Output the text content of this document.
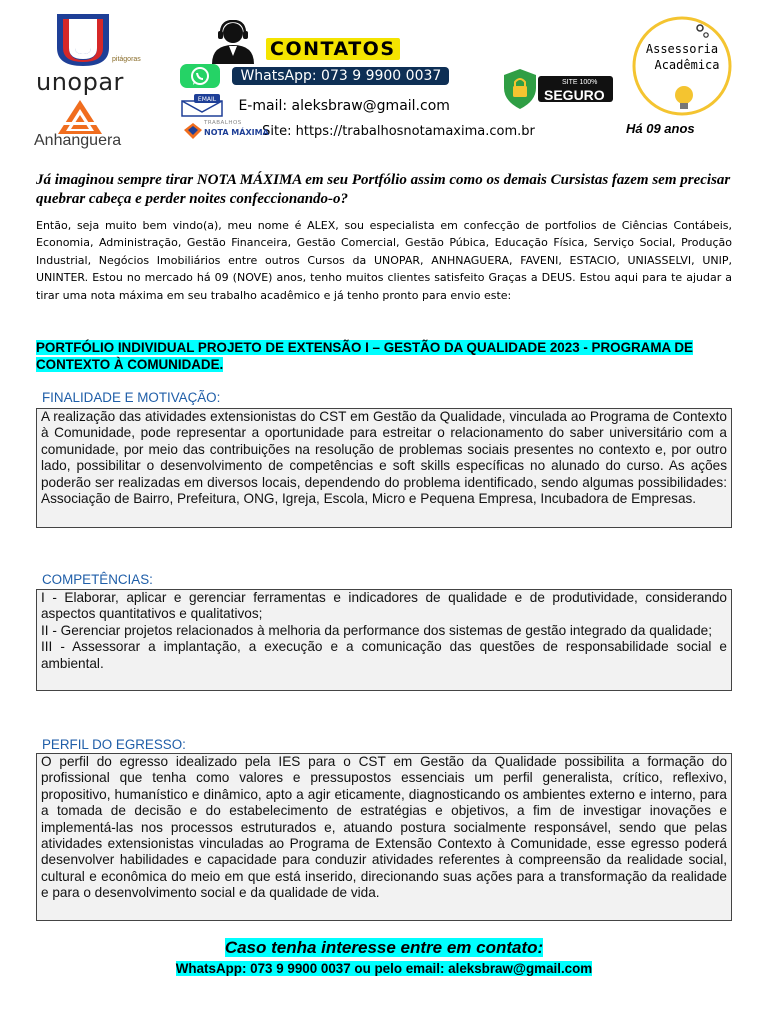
pitágoras
unopar
Anhanguera
CONTATOS
WhatsApp: 073 9 9900 0037
EMAIL E-mail: aleksbraw@gmail.com
TRABALHOS
NOTA MÁXIMA
Site: https://trabalhosnotamaxima.com.br
SITE 100%
SEGURO
Assessoria
Acadêmica
Há 09 anos
Já imaginou sempre tirar NOTA MÁXIMA em seu Portfólio assim como os demais Cursistas fazem sem precisar quebrar cabeça e perder noites confeccionando-o?
Então, seja muito bem vindo(a), meu nome é ALEX, sou especialista em confecção de portfolios de Ciências Contábeis, Economia, Administração, Gestão Financeira, Gestão Comercial, Gestão Púbica, Educação Física, Serviço Social, Produção Industrial, Negócios Imobiliários entre outros Cursos da UNOPAR, ANHNAGUERA, FAVENI, ESTACIO, UNIASSELVI, UNIP, UNINTER. Estou no mercado há 09 (NOVE) anos, tenho muitos clientes satisfeito Graças a DEUS. Estou aqui para te ajudar a tirar uma nota máxima em seu trabalho acadêmico e já tenho pronto para envio este:
PORTFÓLIO INDIVIDUAL PROJETO DE EXTENSÃO I – GESTÃO DA QUALIDADE 2023 - PROGRAMA DE CONTEXTO À COMUNIDADE.
FINALIDADE E MOTIVAÇÃO:

A realização das atividades extensionistas do CST em Gestão da Qualidade, vinculada ao Programa de Contexto à Comunidade, pode representar a oportunidade para estreitar o relacionamento do saber universitário com a comunidade, por meio das contribuições na resolução de problemas sociais presentes no contexto e, por outro lado, possibilitar o desenvolvimento de competências e soft skills específicas no alunado do curso. As ações poderão ser realizadas em diversos locais, dependendo do problema identificado, sendo algumas possibilidades: Associação de Bairro, Prefeitura, ONG, Igreja, Escola, Micro e Pequena Empresa, Incubadora de Empresas.

COMPETÊNCIAS:

I - Elaborar, aplicar e gerenciar ferramentas e indicadores de qualidade e de produtividade, considerando aspectos quantitativos e qualitativos;

II - Gerenciar projetos relacionados à melhoria da performance dos sistemas de gestão integrado da qualidade;

III - Assessorar a implantação, a execução e a comunicação das questões de responsabilidade social e ambiental.

PERFIL DO EGRESSO:

O perfil do egresso idealizado pela IES para o CST em Gestão da Qualidade possibilita a formação do profissional que tenha como valores e pressupostos essenciais um perfil generalista, crítico, reflexivo, propositivo, humanístico e dinâmico, apto a agir eticamente, diagnosticando os ambientes externo e interno, para a tomada de decisão e do estabelecimento de estratégias e objetivos, a fim de investigar inovações e implementá-las nos processos estruturados e, atuando postura socialmente responsável, sendo que pelas atividades extensionistas vinculadas ao Programa de Extensão Contexto à Comunidade, esse egresso poderá desenvolver habilidades e capacidade para conduzir atividades referentes à compreensão da realidade social, cultural e econômica do meio em que está inserido, direcionando suas ações para a transformação da realidade e para o desenvolvimento social e da qualidade de vida.

Caso tenha interesse entre em contato:
WhatsApp: 073 9 9900 0037 ou pelo email: aleksbraw@gmail.com
